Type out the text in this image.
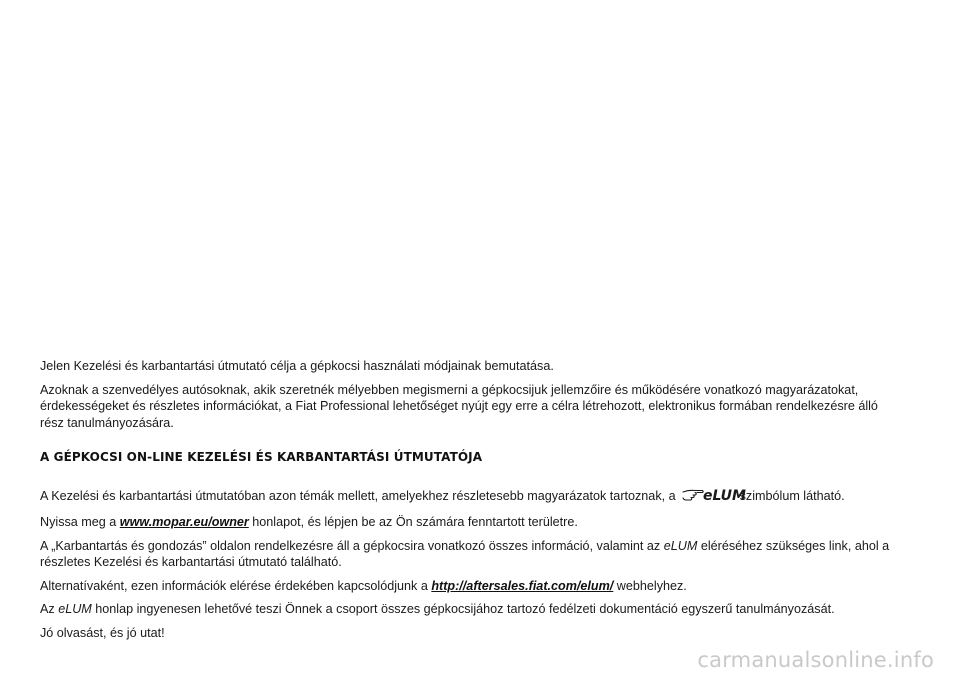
Jelen Kezelési és karbantartási útmutató célja a gépkocsi használati módjainak bemutatása.

Azoknak a szenvedélyes autósoknak, akik szeretnék mélyebben megismerni a gépkocsijuk jellemzőire és működésére vonatkozó magyarázatokat, érdekességeket és részletes információkat, a Fiat Professional lehetőséget nyújt egy erre a célra létrehozott, elektronikus formában rendelkezésre álló rész tanulmányozására.

A GÉPKOCSI ON-LINE KEZELÉSI ÉS KARBANTARTÁSI ÚTMUTATÓJA

A Kezelési és karbantartási útmutatóban azon témák mellett, amelyekhez részletesebb magyarázatok tartoznak, a eLUM
szimbólum látható.

Nyissa meg a www.mopar.eu/owner honlapot, és lépjen be az Ön számára fenntartott területre.

A „Karbantartás és gondozás” oldalon rendelkezésre áll a gépkocsira vonatkozó összes információ, valamint az eLUM eléréséhez szükséges link, ahol a részletes Kezelési és karbantartási útmutató található.

Alternatívaként, ezen információk elérése érdekében kapcsolódjunk a http://aftersales.fiat.com/elum/ webhelyhez.

Az eLUM honlap ingyenesen lehetővé teszi Önnek a csoport összes gépkocsijához tartozó fedélzeti dokumentáció egyszerű tanulmányozását.

Jó olvasást, és jó utat!

carmanualsonline.info
